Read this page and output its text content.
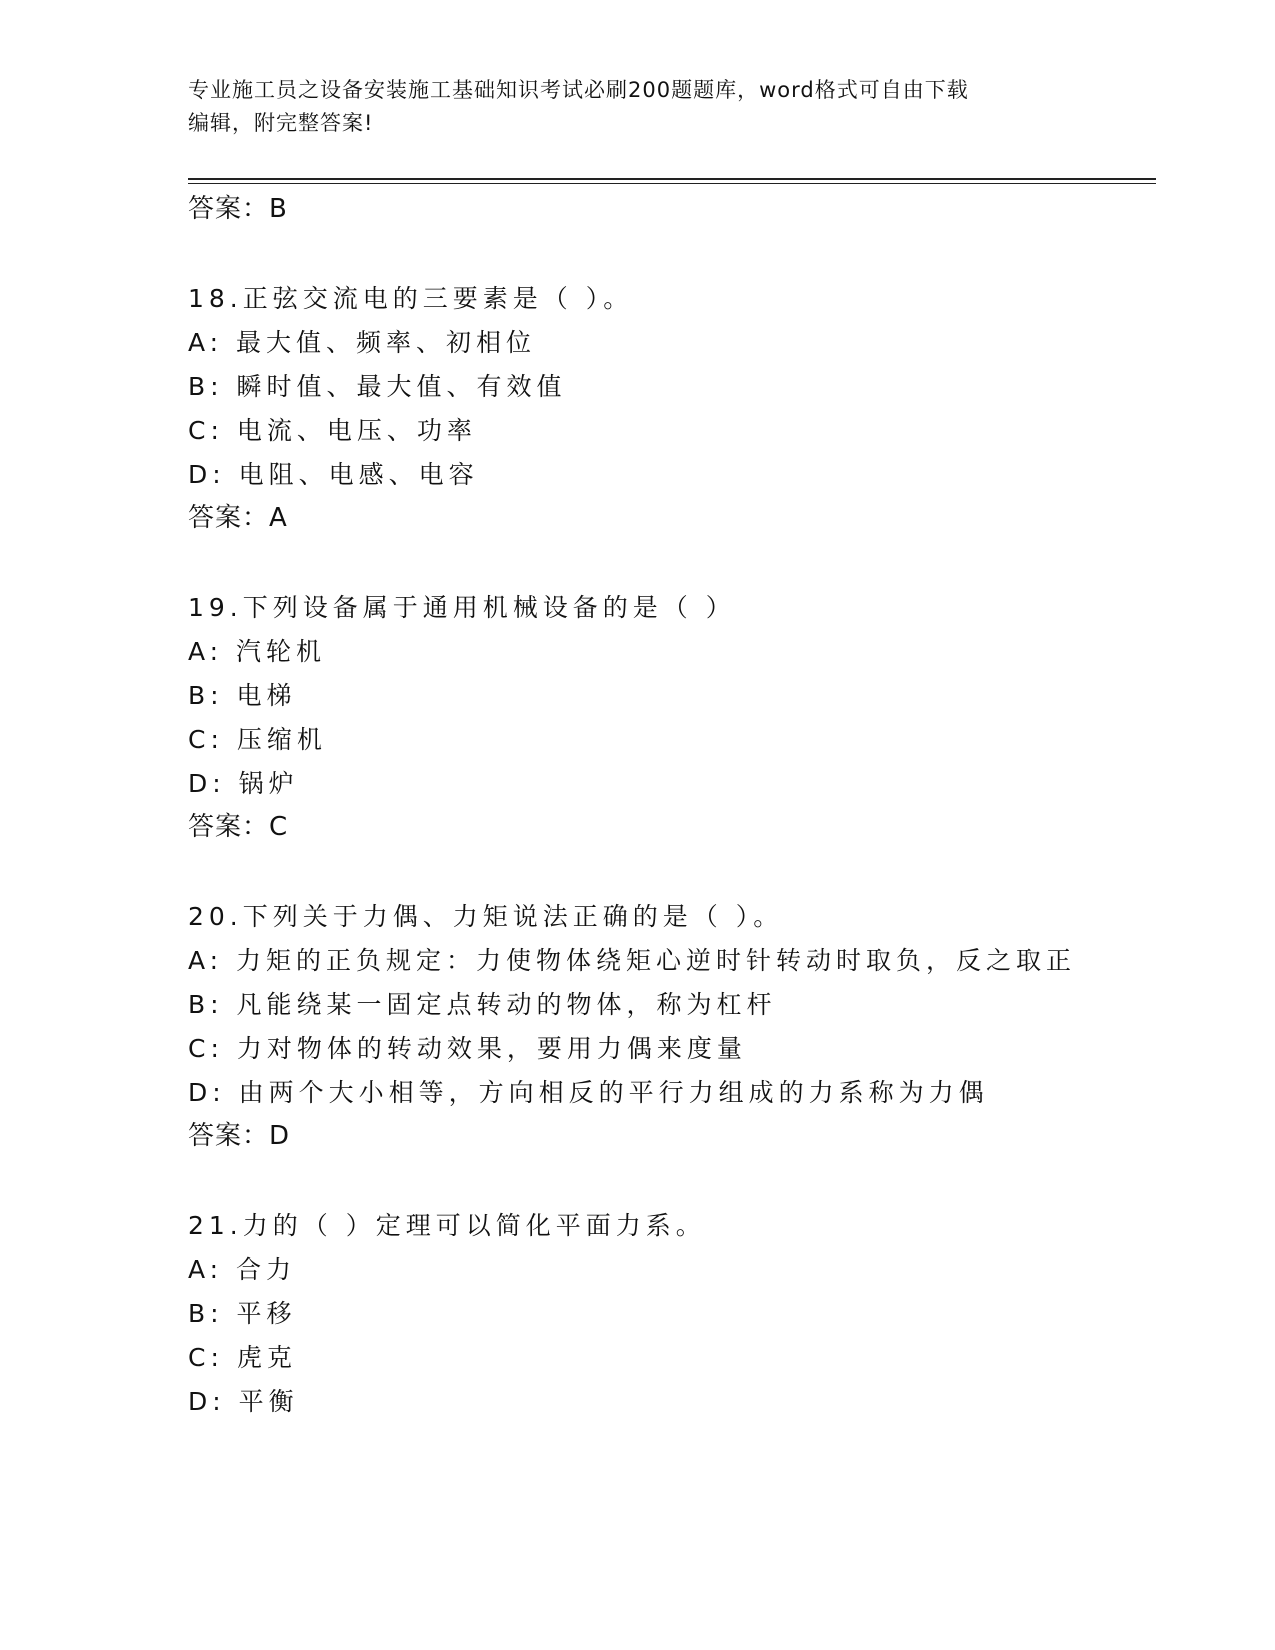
专业施工员之设备安装施工基础知识考试必刷200题题库，word格式可自由下载
编辑，附完整答案!
答案：B
18.正弦交流电的三要素是（ ）。
A: 最大值、频率、初相位
B: 瞬时值、最大值、有效值
C: 电流、电压、功率
D: 电阻、电感、电容
答案：A
19.下列设备属于通用机械设备的是（ ）
A: 汽轮机
B: 电梯
C: 压缩机
D: 锅炉
答案：C
20.下列关于力偶、力矩说法正确的是（ ）。
A: 力矩的正负规定：力使物体绕矩心逆时针转动时取负，反之取正
B: 凡能绕某一固定点转动的物体，称为杠杆
C: 力对物体的转动效果，要用力偶来度量
D: 由两个大小相等，方向相反的平行力组成的力系称为力偶
答案：D
21.力的（ ）定理可以简化平面力系。
A: 合力
B: 平移
C: 虎克
D: 平衡
